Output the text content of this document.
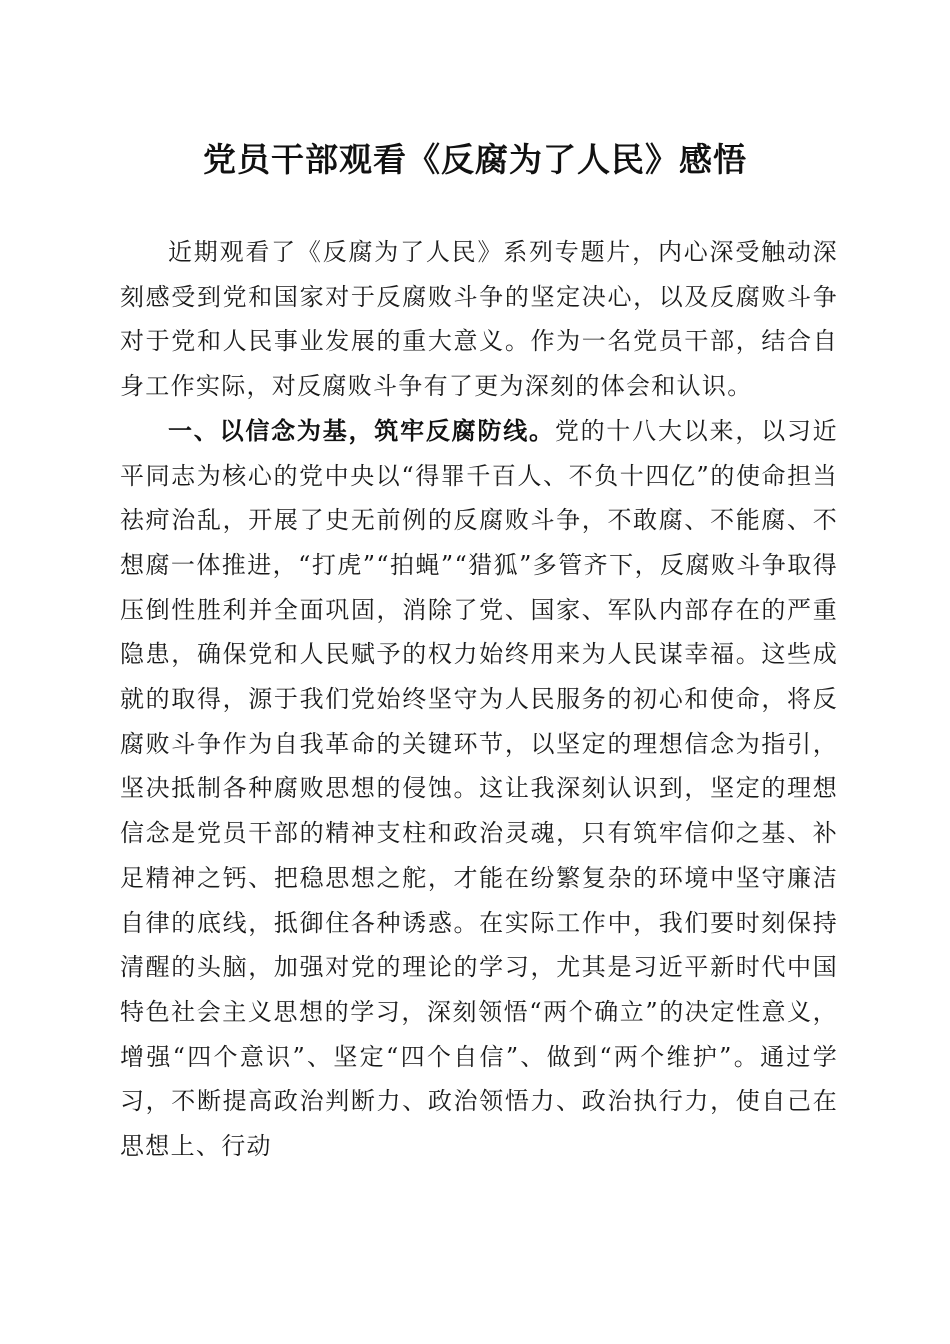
党员干部观看《反腐为了人民》感悟

近期观看了《反腐为了人民》系列专题片，内心深受触动深刻感受到党和国家对于反腐败斗争的坚定决心，以及反腐败斗争对于党和人民事业发展的重大意义。作为一名党员干部，结合自身工作实际，对反腐败斗争有了更为深刻的体会和认识。

一、以信念为基，筑牢反腐防线。党的十八大以来，以习近平同志为核心的党中央以“得罪千百人、不负十四亿”的使命担当祛疴治乱，开展了史无前例的反腐败斗争，不敢腐、不能腐、不想腐一体推进，“打虎”“拍蝇”“猎狐”多管齐下，反腐败斗争取得压倒性胜利并全面巩固，消除了党、国家、军队内部存在的严重隐患，确保党和人民赋予的权力始终用来为人民谋幸福。这些成就的取得，源于我们党始终坚守为人民服务的初心和使命，将反腐败斗争作为自我革命的关键环节，以坚定的理想信念为指引，坚决抵制各种腐败思想的侵蚀。这让我深刻认识到，坚定的理想信念是党员干部的精神支柱和政治灵魂，只有筑牢信仰之基、补足精神之钙、把稳思想之舵，才能在纷繁复杂的环境中坚守廉洁自律的底线，抵御住各种诱惑。在实际工作中，我们要时刻保持清醒的头脑，加强对党的理论的学习，尤其是习近平新时代中国特色社会主义思想的学习，深刻领悟“两个确立”的决定性意义，增强“四个意识”、坚定“四个自信”、做到“两个维护”。通过学习，不断提高政治判断力、政治领悟力、政治执行力，使自己在思想上、行动
